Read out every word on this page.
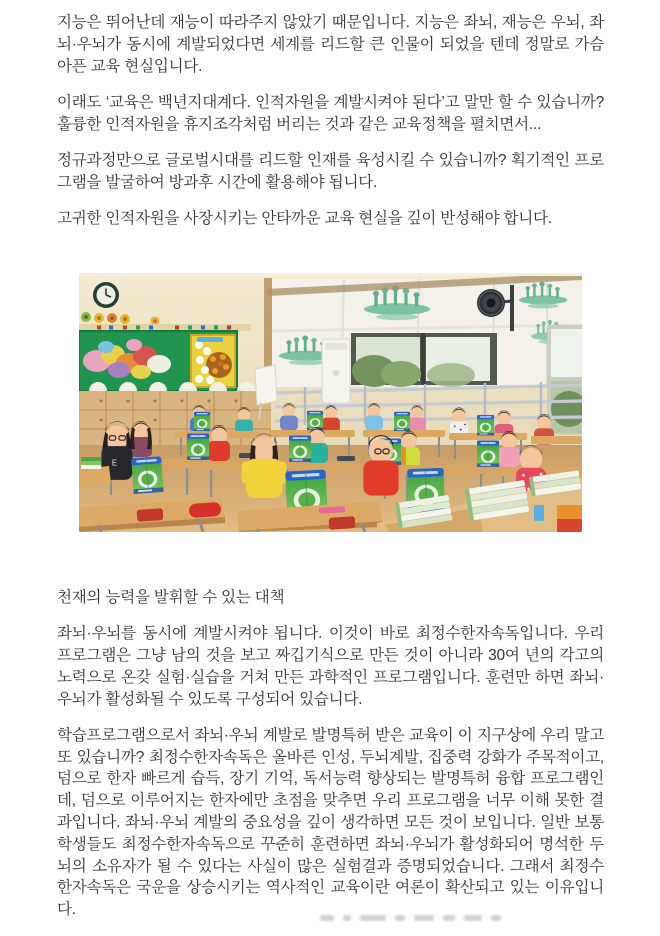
지능은 뛰어난데 재능이 따라주지 않았기 때문입니다. 지능은 좌뇌, 재능은 우뇌, 좌뇌·우뇌가 동시에 계발되었다면 세계를 리드할 큰 인물이 되었을 텐데 정말로 가슴 아픈 교육 현실입니다.

이래도 ‘교육은 백년지대계다. 인적자원을 계발시켜야 된다’고 말만 할 수 있습니까? 훌륭한 인적자원을 휴지조각처럼 버리는 것과 같은 교육정책을 펼치면서...

정규과정만으로 글로벌시대를 리드할 인재를 육성시킬 수 있습니까? 획기적인 프로그램을 발굴하여 방과후 시간에 활용해야 됩니다.

고귀한 인적자원을 사장시키는 안타까운 교육 현실을 깊이 반성해야 합니다.

E

천재의 능력을 발휘할 수 있는 대책

좌뇌·우뇌를 동시에 계발시켜야 됩니다. 이것이 바로 최정수한자속독입니다. 우리 프로그램은 그냥 남의 것을 보고 짜깁기식으로 만든 것이 아니라 30여 년의 각고의 노력으로 온갖 실험·실습을 거쳐 만든 과학적인 프로그램입니다. 훈련만 하면 좌뇌·우뇌가 활성화될 수 있도록 구성되어 있습니다.

학습프로그램으로서 좌뇌·우뇌 계발로 발명특허 받은 교육이 이 지구상에 우리 말고 또 있습니까? 최정수한자속독은 올바른 인성, 두뇌계발, 집중력 강화가 주목적이고, 덤으로 한자 빠르게 습득, 장기 기억, 독서능력 향상되는 발명특허 융합 프로그램인데, 덤으로 이루어지는 한자에만 초점을 맞추면 우리 프로그램을 너무 이해 못한 결과입니다. 좌뇌·우뇌 계발의 중요성을 깊이 생각하면 모든 것이 보입니다. 일반 보통 학생들도 최정수한자속독으로 꾸준히 훈련하면 좌뇌·우뇌가 활성화되어 명석한 두뇌의 소유자가 될 수 있다는 사실이 많은 실험결과 증명되었습니다. 그래서 최정수한자속독은 국운을 상승시키는 역사적인 교육이란 여론이 확산되고 있는 이유입니다.
